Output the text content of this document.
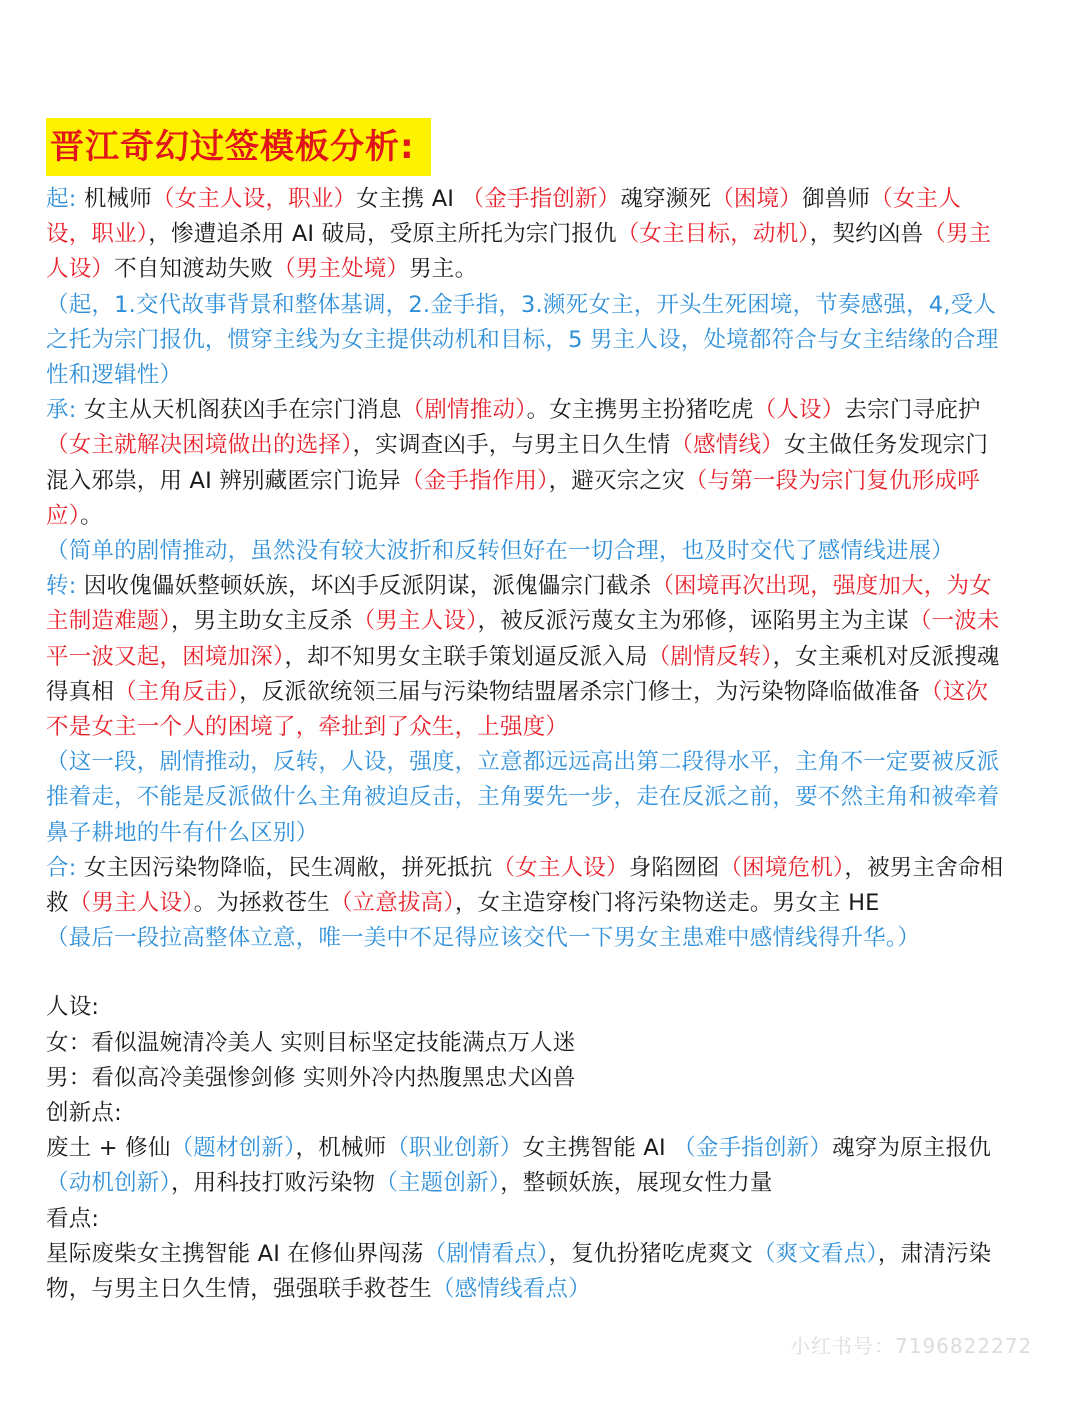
晋江奇幻过签模板分析:
起: 机械师（女主人设，职业）女主携 AI （金手指创新）魂穿濒死（困境）御兽师（女主人设，职业），惨遭追杀用 AI 破局，受原主所托为宗门报仇（女主目标，动机），契约凶兽（男主人设）不自知渡劫失败（男主处境）男主。
（起，1.交代故事背景和整体基调，2.金手指，3.濒死女主，开头生死困境，节奏感强，4,受人之托为宗门报仇，惯穿主线为女主提供动机和目标，5 男主人设，处境都符合与女主结缘的合理性和逻辑性）
承: 女主从天机阁获凶手在宗门消息（剧情推动）。女主携男主扮猪吃虎（人设）去宗门寻庇护（女主就解决困境做出的选择），实调查凶手，与男主日久生情（感情线）女主做任务发现宗门混入邪祟，用 AI 辨别藏匿宗门诡异（金手指作用），避灭宗之灾（与第一段为宗门复仇形成呼应）。
（简单的剧情推动，虽然没有较大波折和反转但好在一切合理，也及时交代了感情线进展）
转: 因收傀儡妖整顿妖族，坏凶手反派阴谋，派傀儡宗门截杀（困境再次出现，强度加大，为女主制造难题），男主助女主反杀（男主人设），被反派污蔑女主为邪修，诬陷男主为主谋（一波未平一波又起，困境加深），却不知男女主联手策划逼反派入局（剧情反转），女主乘机对反派搜魂得真相（主角反击），反派欲统领三届与污染物结盟屠杀宗门修士，为污染物降临做准备（这次不是女主一个人的困境了，牵扯到了众生，上强度）
（这一段，剧情推动，反转，人设，强度，立意都远远高出第二段得水平，主角不一定要被反派推着走，不能是反派做什么主角被迫反击，主角要先一步，走在反派之前，要不然主角和被牵着鼻子耕地的牛有什么区别）
合: 女主因污染物降临，民生凋敝，拼死抵抗（女主人设）身陷囫囵（困境危机），被男主舍命相救（男主人设）。为拯救苍生（立意拔高），女主造穿梭门将污染物送走。男女主 HE
（最后一段拉高整体立意，唯一美中不足得应该交代一下男女主患难中感情线得升华。）
人设:
女：看似温婉清冷美人 实则目标坚定技能满点万人迷
男：看似高冷美强惨剑修 实则外冷内热腹黑忠犬凶兽
创新点:
废土 + 修仙（题材创新），机械师（职业创新）女主携智能 AI （金手指创新）魂穿为原主报仇（动机创新），用科技打败污染物（主题创新），整顿妖族，展现女性力量
看点:
星际废柴女主携智能 AI 在修仙界闯荡（剧情看点），复仇扮猪吃虎爽文（爽文看点），肃清污染物，与男主日久生情，强强联手救苍生（感情线看点）
小红书号：7196822272
